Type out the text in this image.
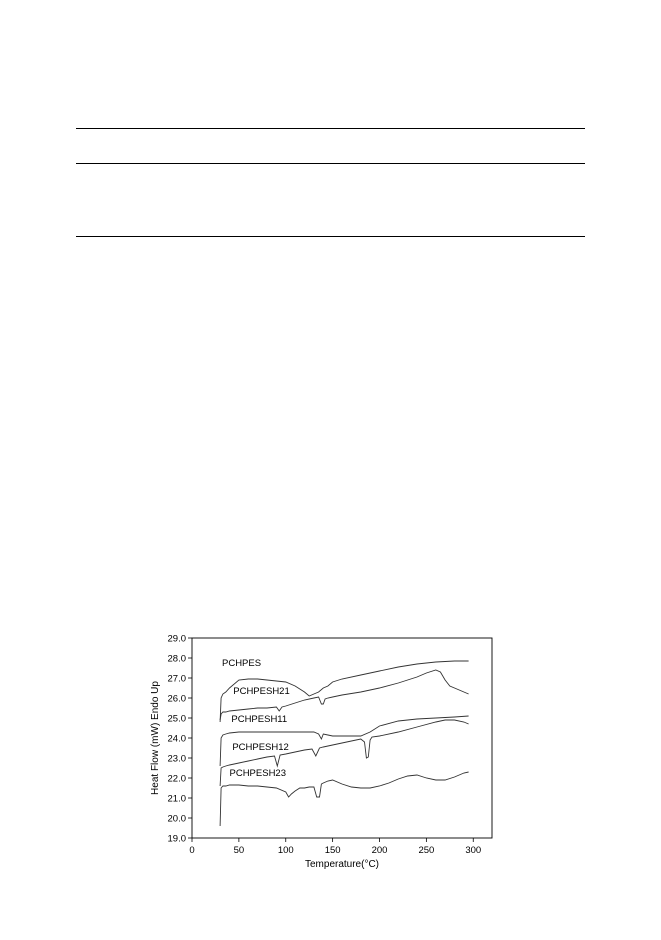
19.0
20.0
21.0
22.0
23.0
24.0
25.0
26.0
27.0
28.0
29.0
0	50	100	150	200	250	300
PCHPES
PCHPESH21
PCHPESH11
PCHPESH12
PCHPESH23
Temperature(°C)
Heat Flow (mW) Endo Up
